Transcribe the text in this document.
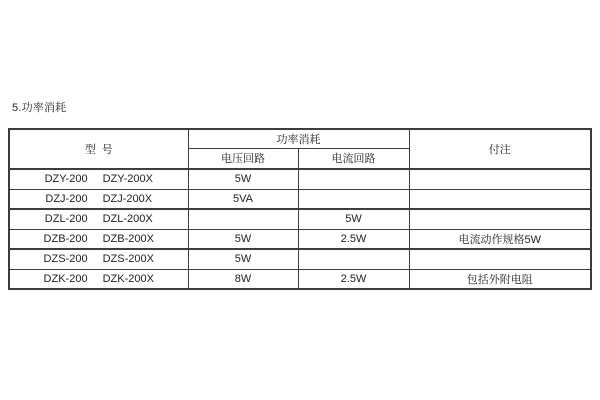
5.功率消耗
型  号	功率消耗		付注
	电压回路	电流回路	

DZY-200 DZY-200X	5W		

DZJ-200 DZJ-200X	5VA		

DZL-200 DZL-200X		5W	

DZB-200 DZB-200X	5W	2.5W	电流动作规格5W

DZS-200 DZS-200X	5W		

DZK-200 DZK-200X	8W	2.5W	包括外附电阻
